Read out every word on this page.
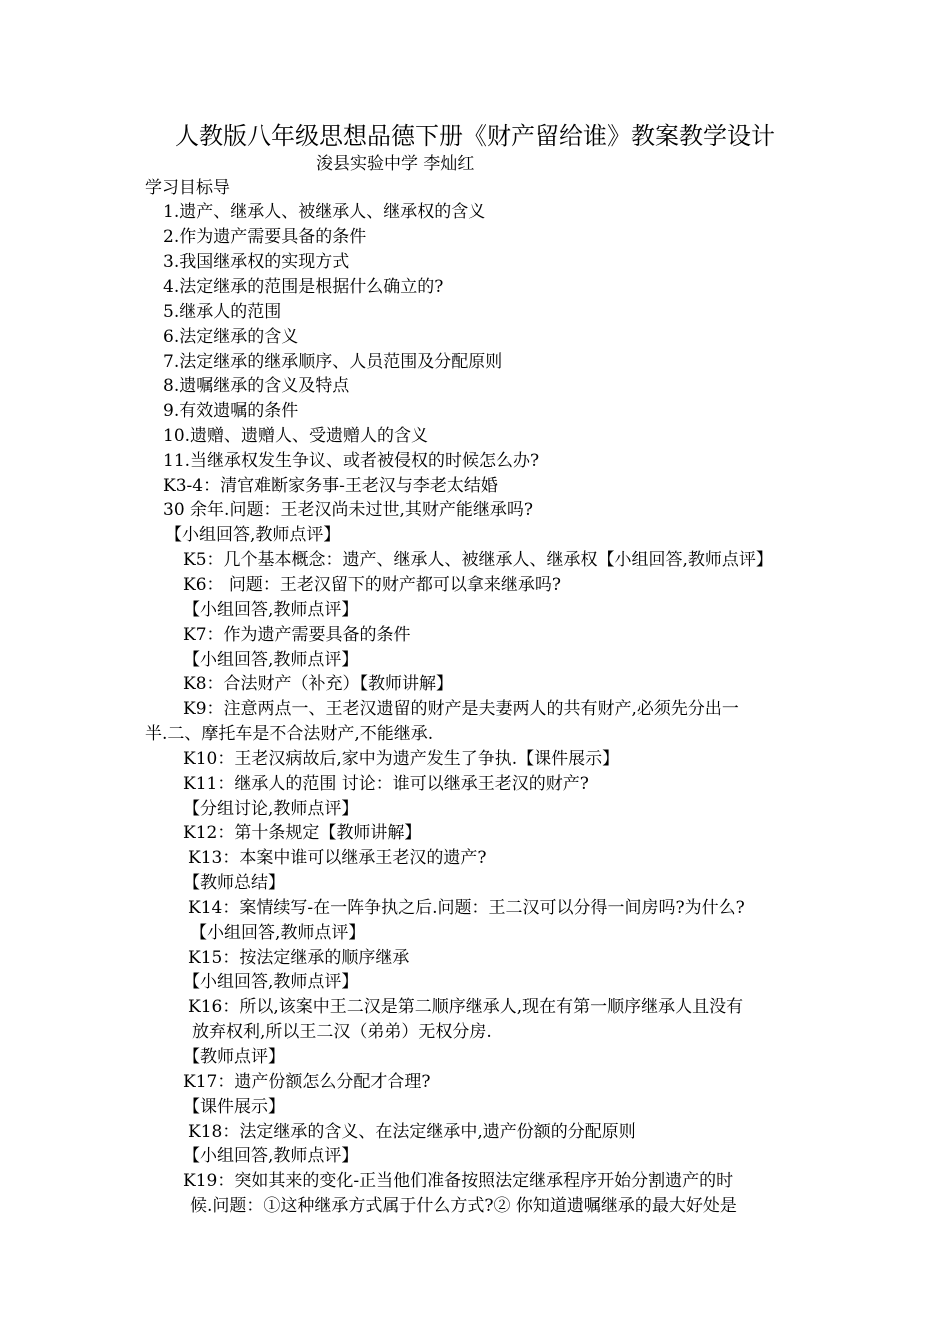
人教版八年级思想品德下册《财产留给谁》教案教学设计
浚县实验中学 李灿红
学习目标导
1.遗产、继承人、被继承人、继承权的含义
2.作为遗产需要具备的条件
3.我国继承权的实现方式
4.法定继承的范围是根据什么确立的?
5.继承人的范围
6.法定继承的含义
7.法定继承的继承顺序、人员范围及分配原则
8.遗嘱继承的含义及特点
9.有效遗嘱的条件
10.遗赠、遗赠人、受遗赠人的含义
11.当继承权发生争议、或者被侵权的时候怎么办?
K3-4：清官难断家务事-王老汉与李老太结婚
30 余年.问题：王老汉尚未过世,其财产能继承吗?
【小组回答,教师点评】
K5：几个基本概念：遗产、继承人、被继承人、继承权【小组回答,教师点评】
K6： 问题：王老汉留下的财产都可以拿来继承吗?
【小组回答,教师点评】
K7：作为遗产需要具备的条件
【小组回答,教师点评】
K8：合法财产（补充）【教师讲解】
K9：注意两点一、王老汉遗留的财产是夫妻两人的共有财产,必须先分出一
半.二、摩托车是不合法财产,不能继承.
K10：王老汉病故后,家中为遗产发生了争执.【课件展示】
K11：继承人的范围 讨论：谁可以继承王老汉的财产?
【分组讨论,教师点评】
K12：第十条规定【教师讲解】
K13：本案中谁可以继承王老汉的遗产?
【教师总结】
K14：案情续写-在一阵争执之后.问题：王二汉可以分得一间房吗?为什么?
【小组回答,教师点评】
K15：按法定继承的顺序继承
【小组回答,教师点评】
K16：所以,该案中王二汉是第二顺序继承人,现在有第一顺序继承人且没有
放弃权利,所以王二汉（弟弟）无权分房.
【教师点评】
K17：遗产份额怎么分配才合理?
【课件展示】
K18：法定继承的含义、在法定继承中,遗产份额的分配原则
【小组回答,教师点评】
K19：突如其来的变化-正当他们准备按照法定继承程序开始分割遗产的时
候.问题：①这种继承方式属于什么方式?② 你知道遗嘱继承的最大好处是
